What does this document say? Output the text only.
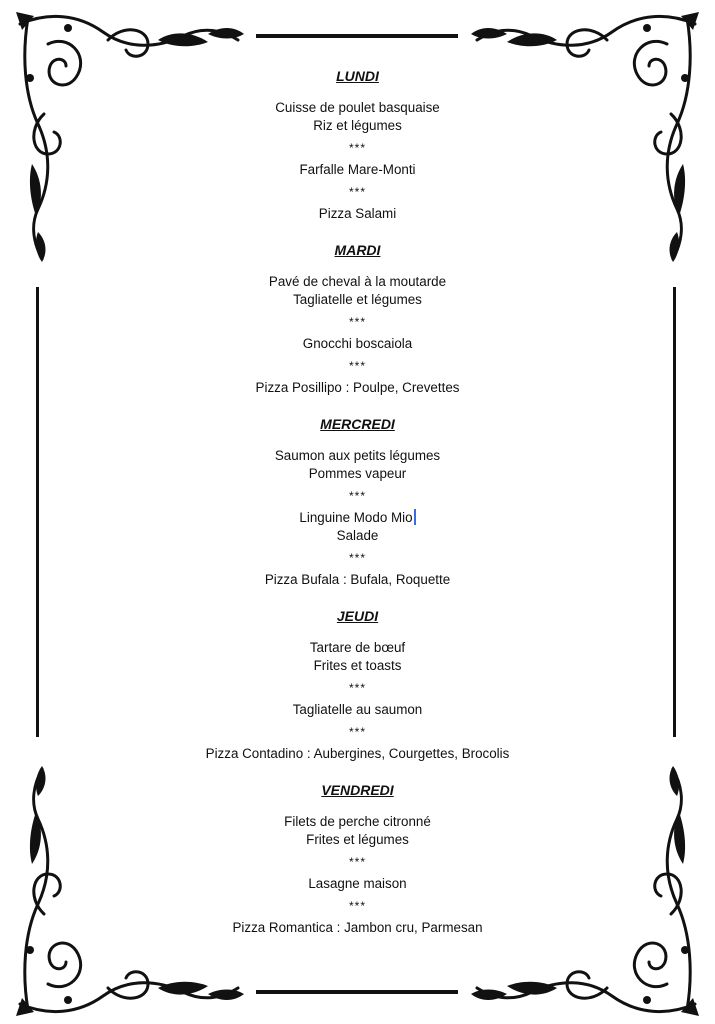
LUNDI
Cuisse de poulet basquaise
Riz et légumes
***
Farfalle Mare-Monti
***
Pizza Salami
MARDI
Pavé de cheval à la moutarde
Tagliatelle et légumes
***
Gnocchi boscaiola
***
Pizza Posillipo : Poulpe, Crevettes
MERCREDI
Saumon aux petits légumes
Pommes vapeur
***
Linguine Modo Mio
Salade
***
Pizza Bufala : Bufala, Roquette
JEUDI
Tartare de bœuf
Frites et toasts
***
Tagliatelle au saumon
***
Pizza Contadino : Aubergines, Courgettes, Brocolis
VENDREDI
Filets de perche citronné
Frites et légumes
***
Lasagne maison
***
Pizza Romantica : Jambon cru, Parmesan
